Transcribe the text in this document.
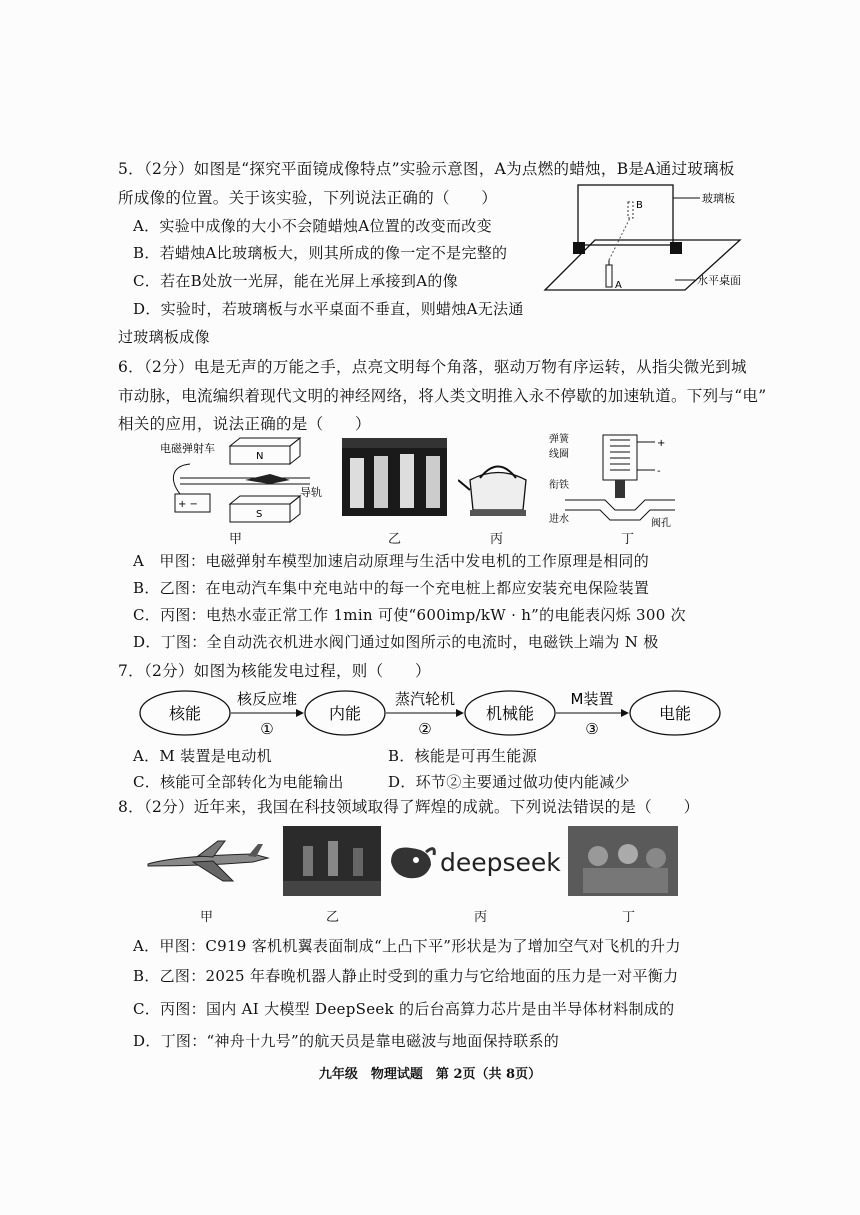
5．（2分）如图是“探究平面镜成像特点”实验示意图，A为点燃的蜡烛，B是A通过玻璃板
所成像的位置。关于该实验，下列说法正确的（　　）
A．实验中成像的大小不会随蜡烛A位置的改变而改变
B．若蜡烛A比玻璃板大，则其所成的像一定不是完整的
C．若在B处放一光屏，能在光屏上承接到A的像
D．实验时，若玻璃板与水平桌面不垂直，则蜡烛A无法通
过玻璃板成像
A
B
玻璃板
水平桌面
6．（2分）电是无声的万能之手，点亮文明每个角落，驱动万物有序运转，从指尖微光到城
市动脉，电流编织着现代文明的神经网络，将人类文明推入永不停歇的加速轨道。下列与“电”
相关的应用，说法正确的是（　　）
电磁弹射车
N
S
+ −
导轨
甲	乙	丙
弹簧
线圈
+
-
衔铁
进水	阀孔
丁
A　甲图：电磁弹射车模型加速启动原理与生活中发电机的工作原理是相同的
B．乙图：在电动汽车集中充电站中的每一个充电桩上都应安装充电保险装置
C．丙图：电热水壶正常工作 1min 可使“600imp/kW · h”的电能表闪烁 300 次
D．丁图：全自动洗衣机进水阀门通过如图所示的电流时，电磁铁上端为 N 极
7．（2分）如图为核能发电过程，则（　　）
核能	内能	机械能	电能
核反应堆
①
蒸汽轮机
②
M装置
③
A．M 装置是电动机	B．核能是可再生能源
C．核能可全部转化为电能输出	D．环节②主要通过做功使内能减少
8．（2分）近年来，我国在科技领域取得了辉煌的成就。下列说法错误的是（　　）
甲	乙
deepseek
丙	丁
A．甲图：C919 客机机翼表面制成“上凸下平”形状是为了增加空气对飞机的升力
B．乙图：2025 年春晚机器人静止时受到的重力与它给地面的压力是一对平衡力
C．丙图：国内 AI 大模型 DeepSeek 的后台高算力芯片是由半导体材料制成的
D．丁图：“神舟十九号”的航天员是靠电磁波与地面保持联系的
九年级　物理试题　第 2页（共 8页）
